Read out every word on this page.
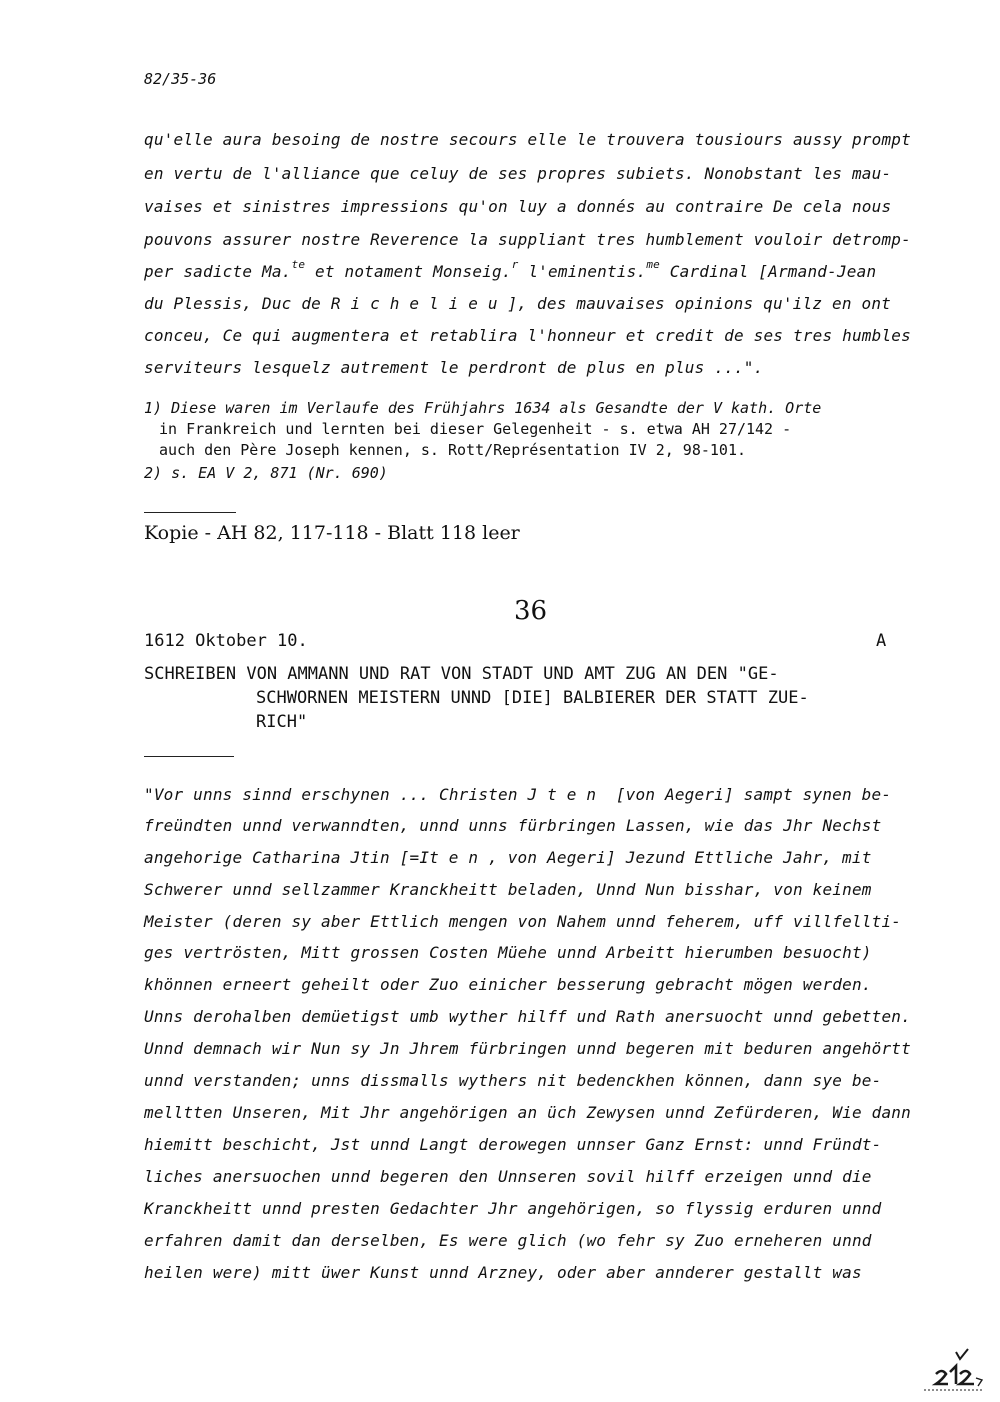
82/35-36
qu'elle aura besoing de nostre secours elle le trouvera tousiours aussy prompt
en vertu de l'alliance que celuy de ses propres subiets. Nonobstant les mau-
vaises et sinistres impressions qu'on luy a donnés au contraire De cela nous
pouvons assurer nostre Reverence la suppliant tres humblement vouloir detromp-
per sadicte Ma.$^{te}$ et notament Monseig.$^r$ l'eminentis.$^{me}$ Cardinal [Armand-Jean
du Plessis, Duc de Richelieu], des mauvaises opinions qu'ilz en ont
conceu, Ce qui augmentera et retablira l'honneur et credit de ses tres humbles
serviteurs lesquelz autrement le perdront de plus en plus ...".
1) Diese waren im Verlaufe des Frühjahrs 1634 als Gesandte der V kath. Orte
in Frankreich und lernten bei dieser Gelegenheit - s. etwa AH 27/142 -
auch den Père Joseph kennen, s. Rott/Représentation IV 2, 98-101.
2) s. EA V 2, 871 (Nr. 690)
Kopie - AH 82, 117-118 - Blatt 118 leer
36
1612 Oktober 10.	A
SCHREIBEN VON AMMANN UND RAT VON STADT UND AMT ZUG AN DEN "GE-
SCHWORNEN MEISTERN UNND [DIE] BALBIERER DER STATT ZUE-
RICH"
"Vor unns sinnd erschynen ... Christen Jten [von Aegeri] sampt synen be-
freündten unnd verwanndten, unnd unns fürbringen Lassen, wie das Jhr Nechst
angehorige Catharina Jtin [=Iten, von Aegeri] Jezund Ettliche Jahr, mit
Schwerer unnd sellzammer Kranckheitt beladen, Unnd Nun bisshar, von keinem
Meister (deren sy aber Ettlich mengen von Nahem unnd feherem, uff villfellti-
ges vertrösten, Mitt grossen Costen Müehe unnd Arbeitt hierumben besuocht)
khönnen erneert geheilt oder Zuo einicher besserung gebracht mögen werden.
Unns derohalben demüetigst umb wyther hilff und Rath anersuocht unnd gebetten.
Unnd demnach wir Nun sy Jn Jhrem fürbringen unnd begeren mit beduren angehörtt
unnd verstanden; unns dissmalls wythers nit bedenckhen können, dann sye be-
melltten Unseren, Mit Jhr angehörigen an üch Zewysen unnd Zefürderen, Wie dann
hiemitt beschicht, Jst unnd Langt derowegen unnser Ganz Ernst: unnd Fründt-
liches anersuochen unnd begeren den Unnseren sovil hilff erzeigen unnd die
Kranckheitt unnd presten Gedachter Jhr angehörigen, so flyssig erduren unnd
erfahren damit dan derselben, Es were glich (wo fehr sy Zuo erneheren unnd
heilen were) mitt üwer Kunst unnd Arzney, oder aber annderer gestallt was
